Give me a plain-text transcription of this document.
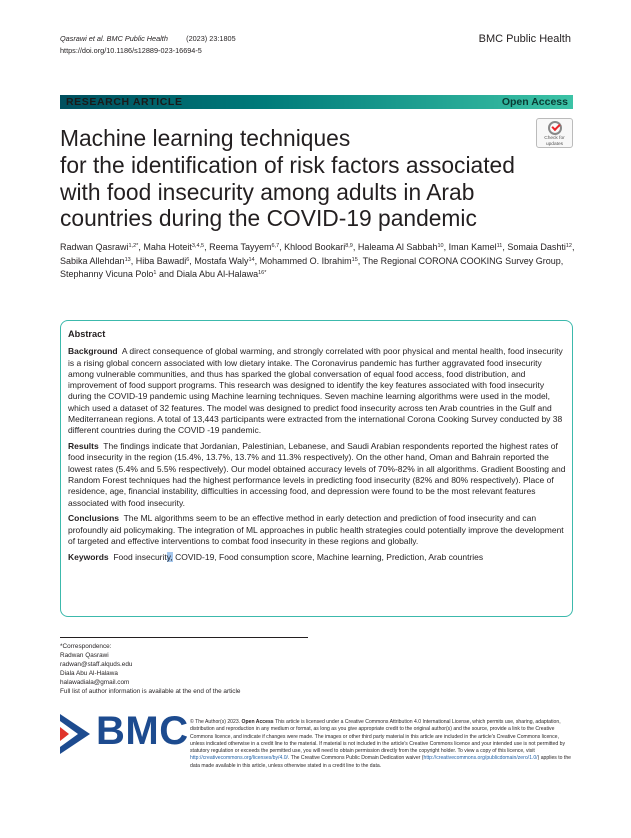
Qasrawi et al. BMC Public Health	(2023) 23:1805
https://doi.org/10.1186/s12889-023-16694-5
BMC Public Health
RESEARCH ARTICLE	Open Access
Check for
updates
Machine learning techniques
for the identification of risk factors associated
with food insecurity among adults in Arab
countries during the COVID-19 pandemic
Radwan Qasrawi$^{1,2*}$, Maha Hoteit$^{3,4,5}$, Reema Tayyem$^{6,7}$, Khlood Bookari$^{8,9}$, Haleama Al Sabbah$^{10}$, Iman Kamel$^{11}$, Somaia Dashti$^{12}$, Sabika Allehdan$^{13}$, Hiba Bawadi$^6$, Mostafa Waly$^{14}$, Mohammed O. Ibrahim$^{15}$, The Regional CORONA COOKING Survey Group, Stephanny Vicuna Polo$^1$ and Diala Abu Al-Halawa$^{16*}$
Abstract

Background A direct consequence of global warming, and strongly correlated with poor physical and mental health, food insecurity is a rising global concern associated with low dietary intake. The Coronavirus pandemic has further aggravated food insecurity among vulnerable communities, and thus has sparked the global conversation of equal food access, food distribution, and improvement of food support programs. This research was designed to identify the key features associated with food insecurity during the COVID-19 pandemic using Machine learning techniques. Seven machine learning algorithms were used in the model, which used a dataset of 32 features. The model was designed to predict food insecurity across ten Arab countries in the Gulf and Mediterranean regions. A total of 13,443 participants were extracted from the international Corona Cooking Survey conducted by 38 different countries during the COVID -19 pandemic.

Results The findings indicate that Jordanian, Palestinian, Lebanese, and Saudi Arabian respondents reported the highest rates of food insecurity in the region (15.4%, 13.7%, 13.7% and 11.3% respectively). On the other hand, Oman and Bahrain reported the lowest rates (5.4% and 5.5% respectively). Our model obtained accuracy levels of 70%-82% in all algorithms. Gradient Boosting and Random Forest techniques had the highest performance levels in predicting food insecurity (82% and 80% respectively). Place of residence, age, financial instability, difficulties in accessing food, and depression were found to be the most relevant features associated with food insecurity.

Conclusions The ML algorithms seem to be an effective method in early detection and prediction of food insecurity and can profoundly aid policymaking. The integration of ML approaches in public health strategies could potentially improve the development of targeted and effective interventions to combat food insecurity in these regions and globally.

Keywords Food insecurity, COVID-19, Food consumption score, Machine learning, Prediction, Arab countries

*Correspondence:
Radwan Qasrawi
radwan@staff.alquds.edu
Diala Abu Al-Halawa
halawadiala@gmail.com
Full list of author information is available at the end of the article
BMC © The Author(s) 2023. Open Access This article is licensed under a Creative Commons Attribution 4.0 International License, which permits use, sharing, adaptation, distribution and reproduction in any medium or format, as long as you give appropriate credit to the original author(s) and the source, provide a link to the Creative Commons licence, and indicate if changes were made. The images or other third party material in this article are included in the article's Creative Commons licence, unless indicated otherwise in a credit line to the material. If material is not included in the article's Creative Commons licence and your intended use is not permitted by statutory regulation or exceeds the permitted use, you will need to obtain permission directly from the copyright holder. To view a copy of this licence, visit http://creativecommons.org/licenses/by/4.0/. The Creative Commons Public Domain Dedication waiver (http://creativecommons.org/publicdomain/zero/1.0/) applies to the data made available in this article, unless otherwise stated in a credit line to the data.
